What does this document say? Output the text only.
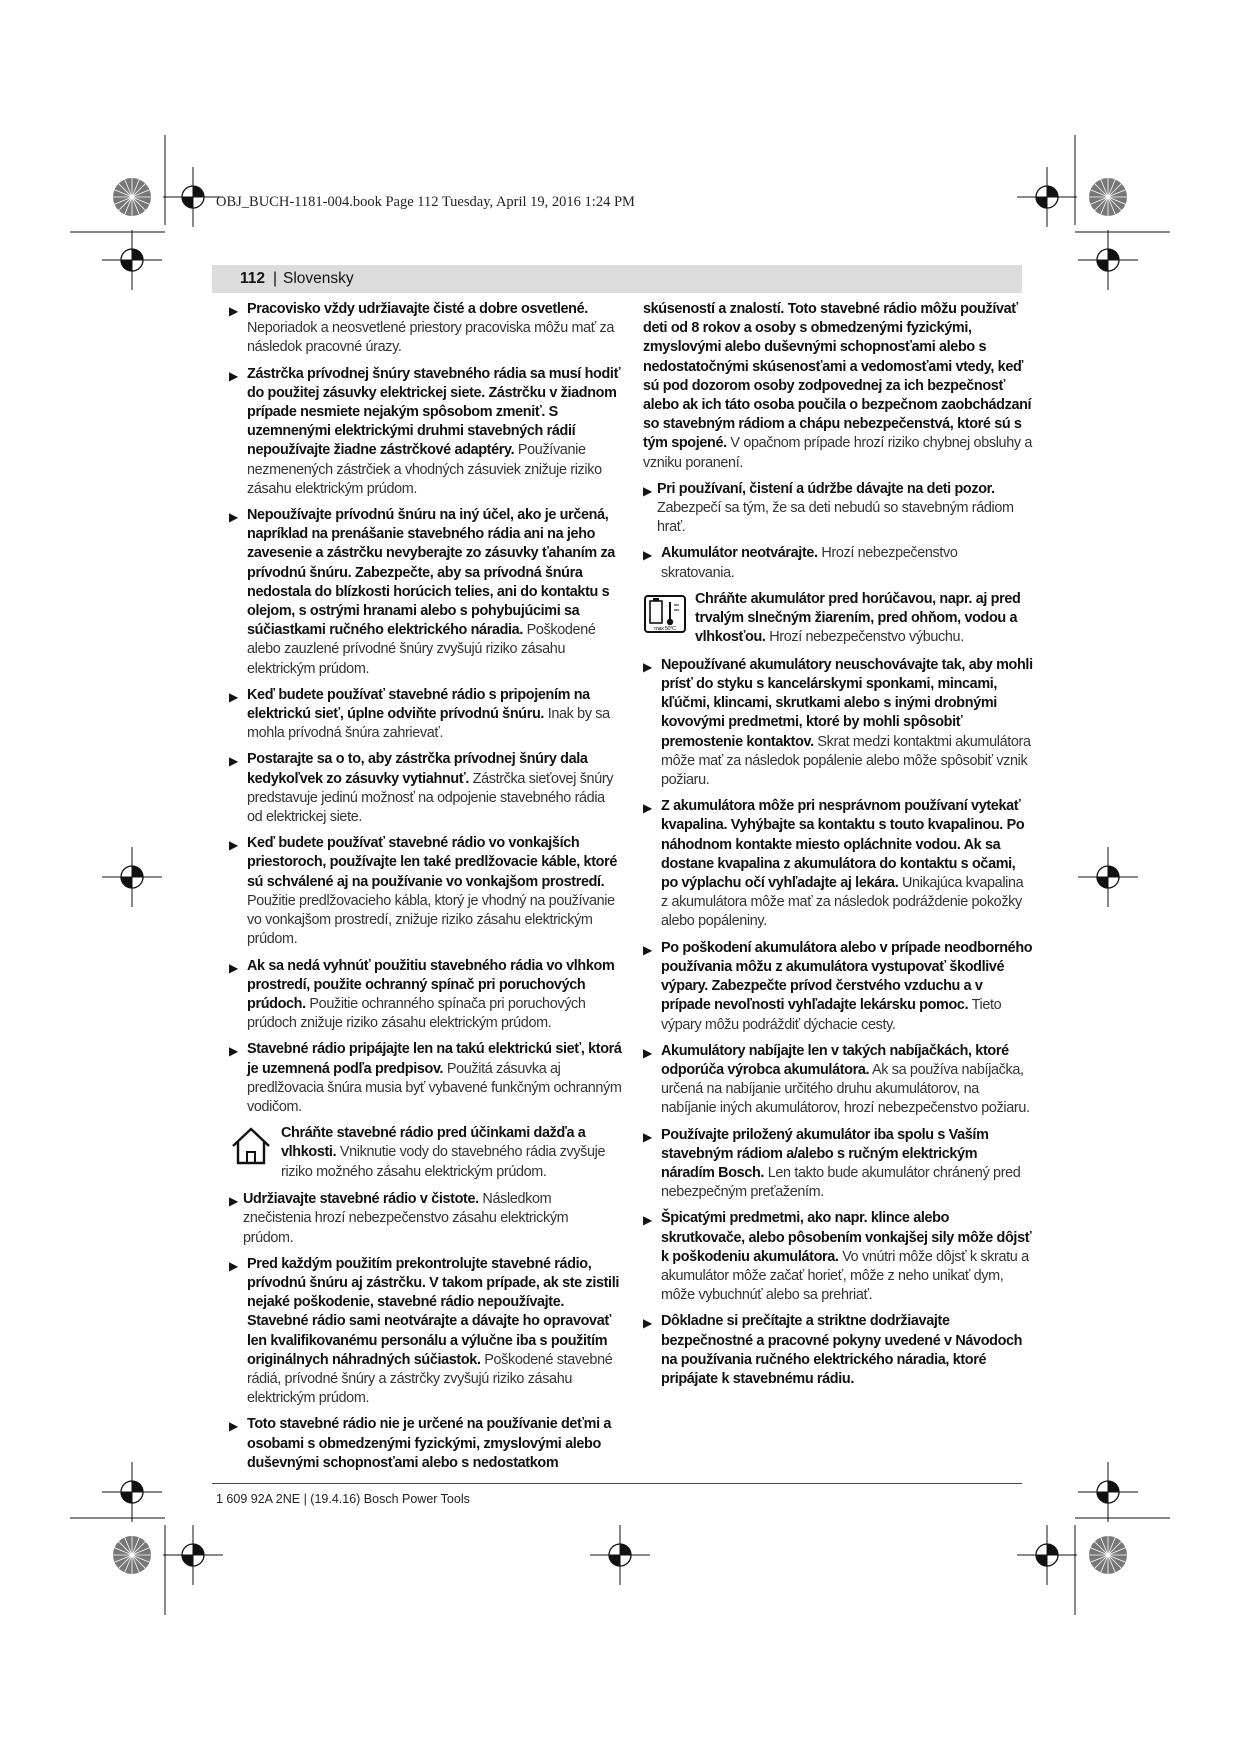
OBJ_BUCH-1181-004.book Page 112 Tuesday, April 19, 2016 1:24 PM
112 | Slovensky
▶ Pracovisko vždy udržiavajte čisté a dobre osvetlené. Neporiadok a neosvetlené priestory pracoviska môžu mať za následok pracovné úrazy.
▶ Zástrčka prívodnej šnúry stavebného rádia sa musí hodiť do použitej zásuvky elektrickej siete. Zástrčku v žiadnom prípade nesmiete nejakým spôsobom zmeniť. S uzemnenými elektrickými druhmi stavebných rádií nepoužívajte žiadne zástrčkové adaptéry. Používanie nezmenených zástrčiek a vhodných zásuviek znižuje riziko zásahu elektrickým prúdom.
▶ Nepoužívajte prívodnú šnúru na iný účel, ako je určená, napríklad na prenášanie stavebného rádia ani na jeho zavesenie a zástrčku nevyberajte zo zásuvky ťahaním za prívodnú šnúru. Zabezpečte, aby sa prívodná šnúra nedostala do blízkosti horúcich telies, ani do kontaktu s olejom, s ostrými hranami alebo s pohybujúcimi sa súčiastkami ručného elektrického náradia. Poškodené alebo zauzlené prívodné šnúry zvyšujú riziko zásahu elektrickým prúdom.
▶ Keď budete používať stavebné rádio s pripojením na elektrickú sieť, úplne odviňte prívodnú šnúru. Inak by sa mohla prívodná šnúra zahrievať.
▶ Postarajte sa o to, aby zástrčka prívodnej šnúry dala kedykoľvek zo zásuvky vytiahnuť. Zástrčka sieťovej šnúry predstavuje jedinú možnosť na odpojenie stavebného rádia od elektrickej siete.
▶ Keď budete používať stavebné rádio vo vonkajších priestoroch, používajte len také predlžovacie káble, ktoré sú schválené aj na používanie vo vonkajšom prostredí. Použitie predlžovacieho kábla, ktorý je vhodný na používanie vo vonkajšom prostredí, znižuje riziko zásahu elektrickým prúdom.
▶ Ak sa nedá vyhnúť použitiu stavebného rádia vo vlhkom prostredí, použite ochranný spínač pri poruchových prúdoch. Použitie ochranného spínača pri poruchových prúdoch znižuje riziko zásahu elektrickým prúdom.
▶ Stavebné rádio pripájajte len na takú elektrickú sieť, ktorá je uzemnená podľa predpisov. Použitá zásuvka aj predlžovacia šnúra musia byť vybavené funkčným ochranným vodičom.
Chráňte stavebné rádio pred účinkami dažďa a vlhkosti. Vniknutie vody do stavebného rádia zvyšuje riziko možného zásahu elektrickým prúdom.
▶ Udržiavajte stavebné rádio v čistote. Následkom znečistenia hrozí nebezpečenstvo zásahu elektrickým prúdom.
▶ Pred každým použitím prekontrolujte stavebné rádio, prívodnú šnúru aj zástrčku. V takom prípade, ak ste zistili nejaké poškodenie, stavebné rádio nepoužívajte. Stavebné rádio sami neotvárajte a dávajte ho opravovať len kvalifikovanému personálu a výlučne iba s použitím originálnych náhradných súčiastok. Poškodené stavebné rádiá, prívodné šnúry a zástrčky zvyšujú riziko zásahu elektrickým prúdom.
▶ Toto stavebné rádio nie je určené na používanie deťmi a osobami s obmedzenými fyzickými, zmyslovými alebo duševnými schopnosťami alebo s nedostatkom
skúseností a znalostí. Toto stavebné rádio môžu používať deti od 8 rokov a osoby s obmedzenými fyzickými, zmyslovými alebo duševnými schopnosťami alebo s nedostatočnými skúsenosťami a vedomosťami vtedy, keď sú pod dozorom osoby zodpovednej za ich bezpečnosť alebo ak ich táto osoba poučila o bezpečnom zaobchádzaní so stavebným rádiom a chápu nebezpečenstvá, ktoré sú s tým spojené. V opačnom prípade hrozí riziko chybnej obsluhy a vzniku poranení.
▶ Pri používaní, čistení a údržbe dávajte na deti pozor. Zabezpečí sa tým, že sa deti nebudú so stavebným rádiom hrať.
▶ Akumulátor neotvárajte. Hrozí nebezpečenstvo skratovania.
max 50°C
Chráňte akumulátor pred horúčavou, napr. aj pred trvalým slnečným žiarením, pred ohňom, vodou a vlhkosťou. Hrozí nebezpečenstvo výbuchu.
▶ Nepoužívané akumulátory neuschovávajte tak, aby mohli prísť do styku s kancelárskymi sponkami, mincami, kľúčmi, klincami, skrutkami alebo s inými drobnými kovovými predmetmi, ktoré by mohli spôsobiť premostenie kontaktov. Skrat medzi kontaktmi akumulátora môže mať za následok popálenie alebo môže spôsobiť vznik požiaru.
▶ Z akumulátora môže pri nesprávnom používaní vytekať kvapalina. Vyhýbajte sa kontaktu s touto kvapalinou. Po náhodnom kontakte miesto opláchnite vodou. Ak sa dostane kvapalina z akumulátora do kontaktu s očami, po výplachu očí vyhľadajte aj lekára. Unikajúca kvapalina z akumulátora môže mať za následok podráždenie pokožky alebo popáleniny.
▶ Po poškodení akumulátora alebo v prípade neodborného používania môžu z akumulátora vystupovať škodlivé výpary. Zabezpečte prívod čerstvého vzduchu a v prípade nevoľnosti vyhľadajte lekársku pomoc. Tieto výpary môžu podráždiť dýchacie cesty.
▶ Akumulátory nabíjajte len v takých nabíjačkách, ktoré odporúča výrobca akumulátora. Ak sa používa nabíjačka, určená na nabíjanie určitého druhu akumulátorov, na nabíjanie iných akumulátorov, hrozí nebezpečenstvo požiaru.
▶ Používajte priložený akumulátor iba spolu s Vaším stavebným rádiom a/alebo s ručným elektrickým náradím Bosch. Len takto bude akumulátor chránený pred nebezpečným preťažením.
▶ Špicatými predmetmi, ako napr. klince alebo skrutkovače, alebo pôsobením vonkajšej sily môže dôjsť k poškodeniu akumulátora. Vo vnútri môže dôjsť k skratu a akumulátor môže začať horieť, môže z neho unikať dym, môže vybuchnúť alebo sa prehriať.
▶ Dôkladne si prečítajte a striktne dodržiavajte bezpečnostné a pracovné pokyny uvedené v Návodoch na používania ručného elektrického náradia, ktoré pripájate k stavebnému rádiu.
1 609 92A 2NE | (19.4.16) Bosch Power Tools
